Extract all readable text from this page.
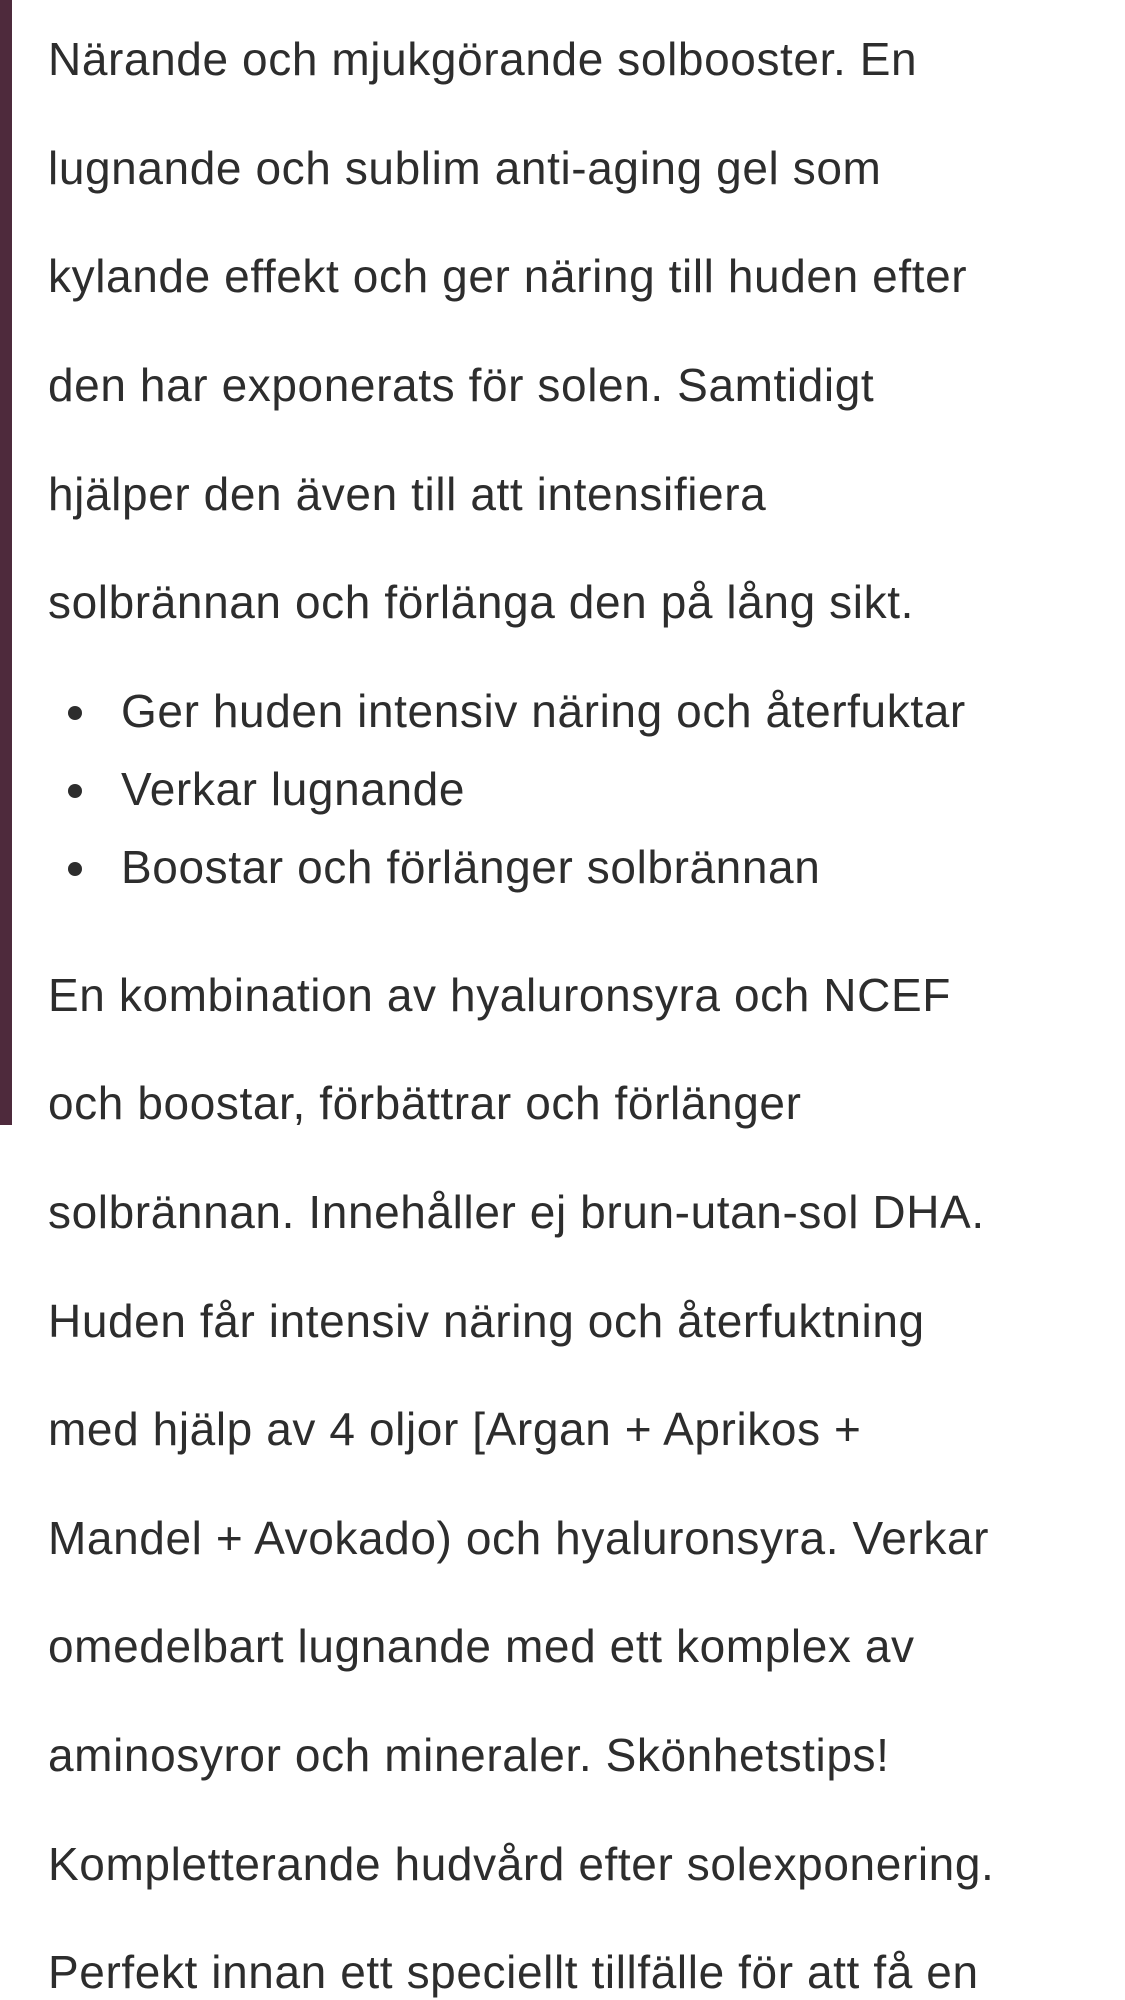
Närande och mjukgörande solbooster. En

lugnande och sublim anti-aging gel som

kylande effekt och ger näring till huden efter

den har exponerats för solen. Samtidigt

hjälper den även till att intensifiera

solbrännan och förlänga den på lång sikt.

Ger huden intensiv näring och återfuktar
Verkar lugnande
Boostar och förlänger solbrännan

En kombination av hyaluronsyra och NCEF

och boostar, förbättrar och förlänger

solbrännan. Innehåller ej brun-utan-sol DHA.

Huden får intensiv näring och återfuktning

med hjälp av 4 oljor [Argan + Aprikos +

Mandel + Avokado) och hyaluronsyra. Verkar

omedelbart lugnande med ett komplex av

aminosyror och mineraler. Skönhetstips!

Kompletterande hudvård efter solexponering.

Perfekt innan ett speciellt tillfälle för att få en
